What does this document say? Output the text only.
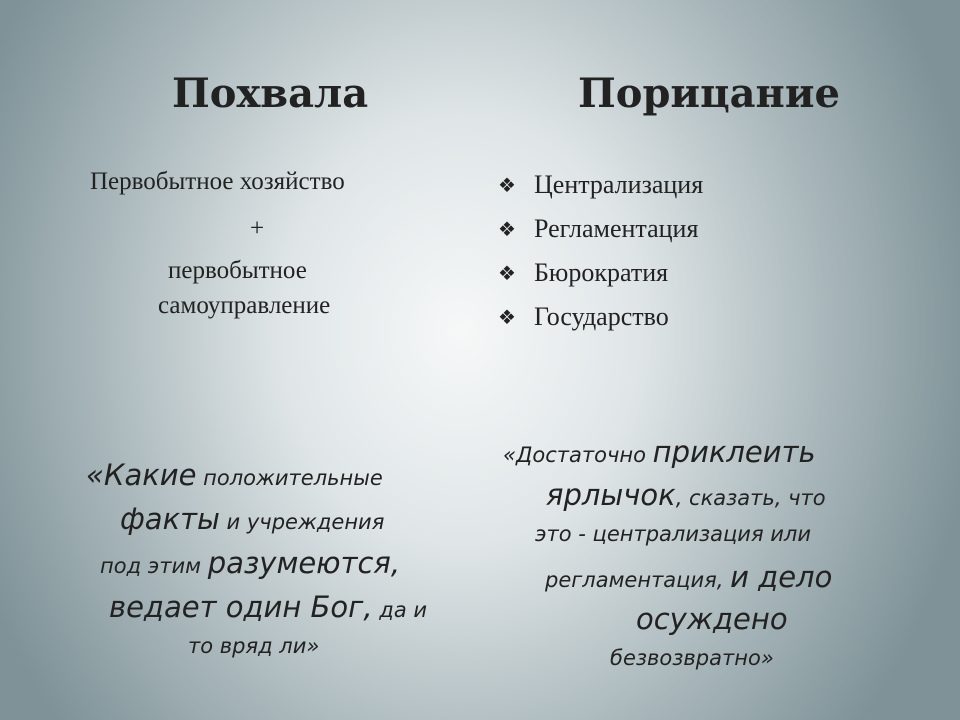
Похвала	Порицание
Первобытное хозяйство
+
первобытное
самоуправление
❖ Централизация
❖ Регламентация
❖ Бюрократия
❖ Государство
«Какие положительные
факты и учреждения
под этим разумеются,
ведает один Бог, да и
то вряд ли»
«Достаточно приклеить
ярлычок, сказать, что
это - централизация или
регламентация, и дело
осуждено
безвозвратно»
